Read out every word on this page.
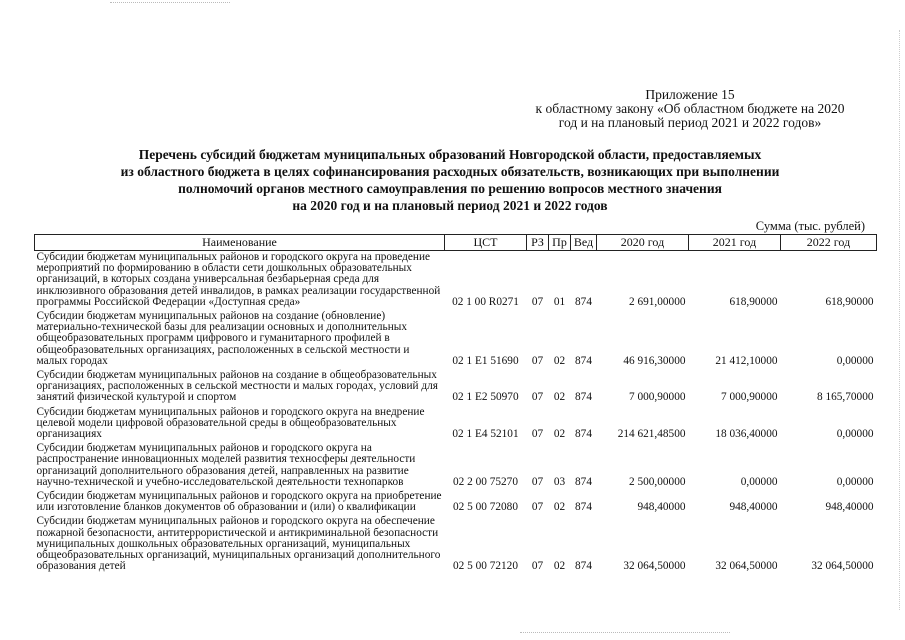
Приложение 15
к областному закону «Об областном бюджете на 2020
год и на плановый период 2021 и 2022 годов»
Перечень субсидий бюджетам муниципальных образований Новгородской области, предоставляемых
из областного бюджета в целях софинансирования расходных обязательств, возникающих при выполнении
полномочий органов местного самоуправления по решению вопросов местного значения
на 2020 год и на плановый период 2021 и 2022 годов
Сумма (тыс. рублей)
Наименование	ЦСТ	РЗ	Пр	Вед	2020 год	2021 год	2022 год
Субсидии бюджетам муниципальных районов и городского округа на проведение мероприятий по формированию в области сети дошкольных образовательных организаций, в которых создана универсальная безбарьерная среда для инклюзивного образования детей инвалидов, в рамках реализации государственной программы Российской Федерации «Доступная среда»	02 1 00 R0271	07	01	874	2 691,00000	618,90000	618,90000
Субсидии бюджетам муниципальных районов на создание (обновление) материально-технической базы для реализации основных и дополнительных общеобразовательных программ цифрового и гуманитарного профилей в общеобразовательных организациях, расположенных в сельской местности и малых городах	02 1 E1 51690	07	02	874	46 916,30000	21 412,10000	0,00000
Субсидии бюджетам муниципальных районов на создание в общеобразовательных организациях, расположенных в сельской местности и малых городах, условий для занятий физической культурой и спортом	02 1 E2 50970	07	02	874	7 000,90000	7 000,90000	8 165,70000
Субсидии бюджетам муниципальных районов и городского округа на внедрение целевой модели цифровой образовательной среды в общеобразовательных организациях	02 1 E4 52101	07	02	874	214 621,48500	18 036,40000	0,00000
Субсидии бюджетам муниципальных районов и городского округа на распространение инновационных моделей развития техносферы деятельности организаций дополнительного образования детей, направленных на развитие научно-технической и учебно-исследовательской деятельности технопарков	02 2 00 75270	07	03	874	2 500,00000	0,00000	0,00000
Субсидии бюджетам муниципальных районов и городского округа на приобретение или изготовление бланков документов об образовании и (или) о квалификации	02 5 00 72080	07	02	874	948,40000	948,40000	948,40000
Субсидии бюджетам муниципальных районов и городского округа на обеспечение пожарной безопасности, антитеррористической и антикриминальной безопасности муниципальных дошкольных образовательных организаций, муниципальных общеобразовательных организаций, муниципальных организаций дополнительного образования детей	02 5 00 72120	07	02	874	32 064,50000	32 064,50000	32 064,50000
